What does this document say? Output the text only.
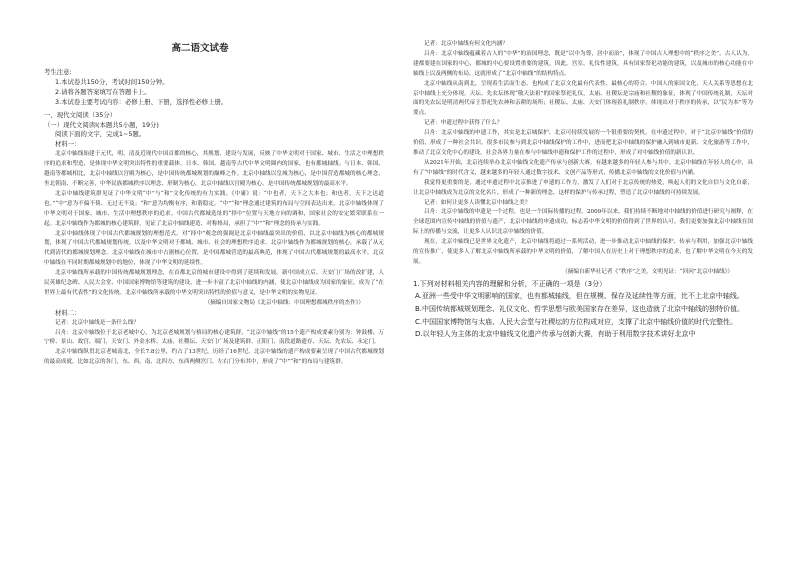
高二语文试卷

考生注意:

1.本试卷共150分，考试时间150分钟。

2.请将各题答案填写在答题卡上。

3.本试卷主要考试内容：必修上册、下册，选择性必修上册。

一、现代文阅读（35分）

（一）现代文阅读Ⅰ(本题共5小题，19分)

阅读下面的文字，完成1~5题。

材料一：

北京中轴线始建于元代，明、清及近现代中国首都的核心，其规划、建设与发展，反映了中华文明对于国家、城市、生活之中理想秩序的追求和塑造，是体现中华文明突出特性的重要载体。日本、韩国、越南等古代中华文明圈内的国家，也有都城轴线。与日本、韩国、越南等都城相比，北京中轴线以宫殿为核心，是中国传统都城规划的巅峰之作。北京中轴线以皇城为核心，是中国营造都城的核心理念，坐北朝南、不断完善，中华民族都城秩序以理念、形制为核心，北京中轴线以宫殿为核心，是中国传统都城规划的最高水平。

北京中轴线建筑群见证了中华文明“中”与“和”文化传统的有力实践。《中庸》说：“中也者，天下之大本也；和也者，天下之达道也。”“中”意为不偏不倚、无过无不及；“和”意为均衡有序，和谐稳定。“中”“和”理念通过建筑的布局与空间表达出来，北京中轴线体现了中华文明对于国家、城市、生活中理想秩序的追求。中国古代都城选址的“择中”位置与天地方向的调和，国家社会的安定繁荣联系在一起。北京中轴线作为都城的核心建筑群，见证了北京中轴线建造、对称格局，承担了“中”“和”理念的传承与实践。

北京中轴线体现了中国古代都城规划的理想范式。对“择中”观念的强调是北京中轴线最突出的价值，以北京中轴线为核心的都城规划，体现了中国古代都城规划传统，以及中华文明对于都城、城市、社会的理想秩序追求。北京中轴线作为都城规划的核心，承载了从元代到清代的都城规划理念。北京中轴线在城市中占据核心位置，是中国都城营造的最高典范，体现了中国古代都城规划的最高水平。北京中轴线在不同时期都城规划中的地位，体现了中华文明的延续性。

北京中轴线所承载的中国传统都城规划理念，在首都北京的城市建设中得到了延续和发展。新中国成立后，天安门广场的改扩建，人民英雄纪念碑、人民大会堂、中国国家博物馆等建筑的建设，进一步丰富了北京中轴线的内涵，使北京中轴线成为国家的象征，成为了“在世界上最有代表性”的文化传统。北京中轴线所承载的中华文明突出特性的价值与意义，是中华文明的实物见证。

（摘编自国家文物局《北京中轴线：中国理想都城秩序的杰作》）

材料二：

记者：北京中轴线是一条什么线？

吕舟：北京中轴线位于北京老城中心，为北京老城规划与格局的核心建筑群。“北京中轴线”的15个遗产构成要素分别为：钟鼓楼、万宁桥、景山、故宫、端门、天安门、外金水桥、太庙、社稷坛、天安门广场及建筑群、正阳门、南段道路遗存、天坛、先农坛、永定门。

北京中轴线纵贯北京老城南北，全长7.8公里，约占了13世纪，历经了16世纪。北京中轴线的遗产构成要素呈现了中国古代都城规划的最高成就，比如北京的各门，东、西、南、北四方，东西两侧宫门、左右门分布其中，形成了“中”“和”的布局与建筑群。

记者：北京中轴线有何文化内涵？

吕舟：北京中轴线蕴藏着古人的“中华”的治国理念，既是“以中为尊，居中而治”，体现了中国古人理想中的“秩序之美”。古人认为，建都要建在国家的中心，都城的中心要设置重要的建筑。因此，宫室、礼仪性建筑，具有国家祭祀功能的建筑，以及城市的核心功能在中轴线上以及两侧的布局，这就形成了“北京中轴线”的结构特点。

北京中轴线从南到北，呈现着生活而生态。也构成了北京文化最有代表性、最核心的符合。中国人的家国文化，天人关系等思想在北京中轴线上充分体现。天坛、先农坛体现“敬天法祖”的国家祭祀礼仪，太庙、社稷坛是宗庙和社稷的象征，体现了中国传统礼制，天坛对面的先农坛是明清两代帝王祭祀先农神和亲耕的场所；社稷坛、太庙、天安门体现着礼制秩序，体现出对于秩序的传承，以“民为本”等为要点。

记者：申遗过程中获得了什么？

吕舟：北京中轴线的申遗工作，其实是北京城保护、北京可持续发展的一个很重要的契机。在申遗过程中，对于“北京中轴线”价值的价值，形成了一种社会共识。很多市民参与到北京中轴线保护的工作中，进而把北京中轴线的保护融入到城市更新、文化旅游等工作中，推动了北京文化中心的建设，社会各界力量在参与中轴线申遗和保护工作的过程中，形成了对中轴线价值的新认识。

从2021年开始，北京连续举办北京中轴线文化遗产传承与创新大赛。有越来越多的年轻人参与其中。北京中轴线在年轻人的心中，具有了“中轴线”的时代含义，越来越多的年轻人通过数字技术、文创产品等形式，传播北京中轴线的文化价值与内涵。

我觉得更重要的是，通过申遗过程中北京推进了申遗的工作力，激发了人们对于北京传统的热爱，唤起人们的文化自信与文化自豪，让北京中轴线成为北京的文化名片，形成了一种新的理念。这样的保护与传承过程，塑造了北京中轴线的可持续发展。

记者：如何让更多人读懂北京中轴线之美？

吕舟：北京中轴线的申遗是一个过程，也是一个国际传播的过程。2009年以来，我们持续不断地对中轴线的价值进行研究与阐释，在全球范围内宣传中轴线的价值与遗产，北京中轴线的申遗成功，标志着中华文明的价值得到了世界的认可。我们更要加强北京中轴线在国际上的传播与交流，让更多人认识北京中轴线的价值。

现在，北京中轴线已是世界文化遗产，北京中轴线将通过一系列活动，进一步推动北京中轴线的保护、传承与利用，加强北京中轴线的宣传推广，使更多人了解北京中轴线所承载的中华文明的价值，了解中国人在历史上对于理想秩序的追求，也了解中华文明在今天的发展。

（摘编自新华社记者《“秩序”之美，文明见证：“回问”北京中轴线》）

1.下列对材料相关内容的理解和分析，不正确的一项是（3分）

A.亚洲一些受中华文明影响的国家，也有都城轴线，但在规模、保存及延续性等方面，比不上北京中轴线。

B.中国传统都城规划理念、礼仪文化、哲学思想与欧美国家存在差异，这也造就了北京中轴线的独特价值。

C.中国国家博物馆与太庙、人民大会堂与社稷坛的方位构成对应，支撑了北京中轴线价值的时代完整性。

D.以年轻人为主体的北京中轴线文化遗产传承与创新大赛，有助于利用数字技术讲好北京中
